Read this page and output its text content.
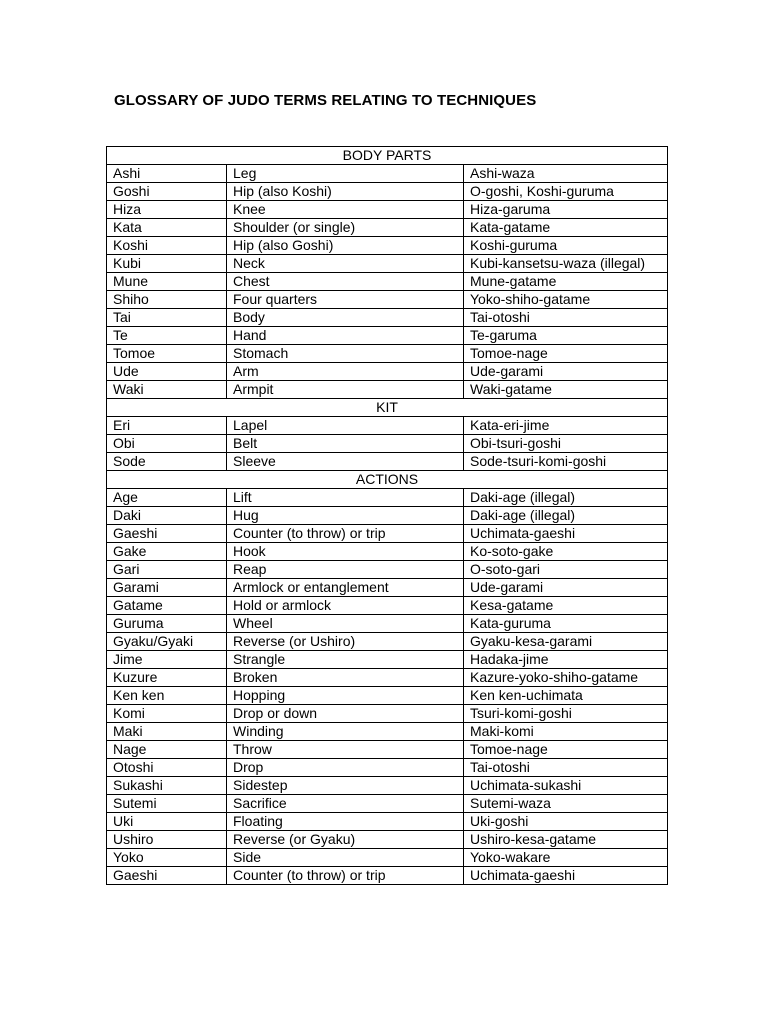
GLOSSARY OF JUDO TERMS RELATING TO TECHNIQUES
BODY PARTS		
Ashi	Leg	Ashi-waza
Goshi	Hip (also Koshi)	O-goshi, Koshi-guruma
Hiza	Knee	Hiza-garuma
Kata	Shoulder (or single)	Kata-gatame
Koshi	Hip (also Goshi)	Koshi-guruma
Kubi	Neck	Kubi-kansetsu-waza (illegal)
Mune	Chest	Mune-gatame
Shiho	Four quarters	Yoko-shiho-gatame
Tai	Body	Tai-otoshi
Te	Hand	Te-garuma
Tomoe	Stomach	Tomoe-nage
Ude	Arm	Ude-garami
Waki	Armpit	Waki-gatame
KIT		
Eri	Lapel	Kata-eri-jime
Obi	Belt	Obi-tsuri-goshi
Sode	Sleeve	Sode-tsuri-komi-goshi
ACTIONS		
Age	Lift	Daki-age (illegal)
Daki	Hug	Daki-age (illegal)
Gaeshi	Counter (to throw) or trip	Uchimata-gaeshi
Gake	Hook	Ko-soto-gake
Gari	Reap	O-soto-gari
Garami	Armlock or entanglement	Ude-garami
Gatame	Hold or armlock	Kesa-gatame
Guruma	Wheel	Kata-guruma
Gyaku/Gyaki	Reverse (or Ushiro)	Gyaku-kesa-garami
Jime	Strangle	Hadaka-jime
Kuzure	Broken	Kazure-yoko-shiho-gatame
Ken ken	Hopping	Ken ken-uchimata
Komi	Drop or down	Tsuri-komi-goshi
Maki	Winding	Maki-komi
Nage	Throw	Tomoe-nage
Otoshi	Drop	Tai-otoshi
Sukashi	Sidestep	Uchimata-sukashi
Sutemi	Sacrifice	Sutemi-waza
Uki	Floating	Uki-goshi
Ushiro	Reverse (or Gyaku)	Ushiro-kesa-gatame
Yoko	Side	Yoko-wakare
Gaeshi	Counter (to throw) or trip	Uchimata-gaeshi
